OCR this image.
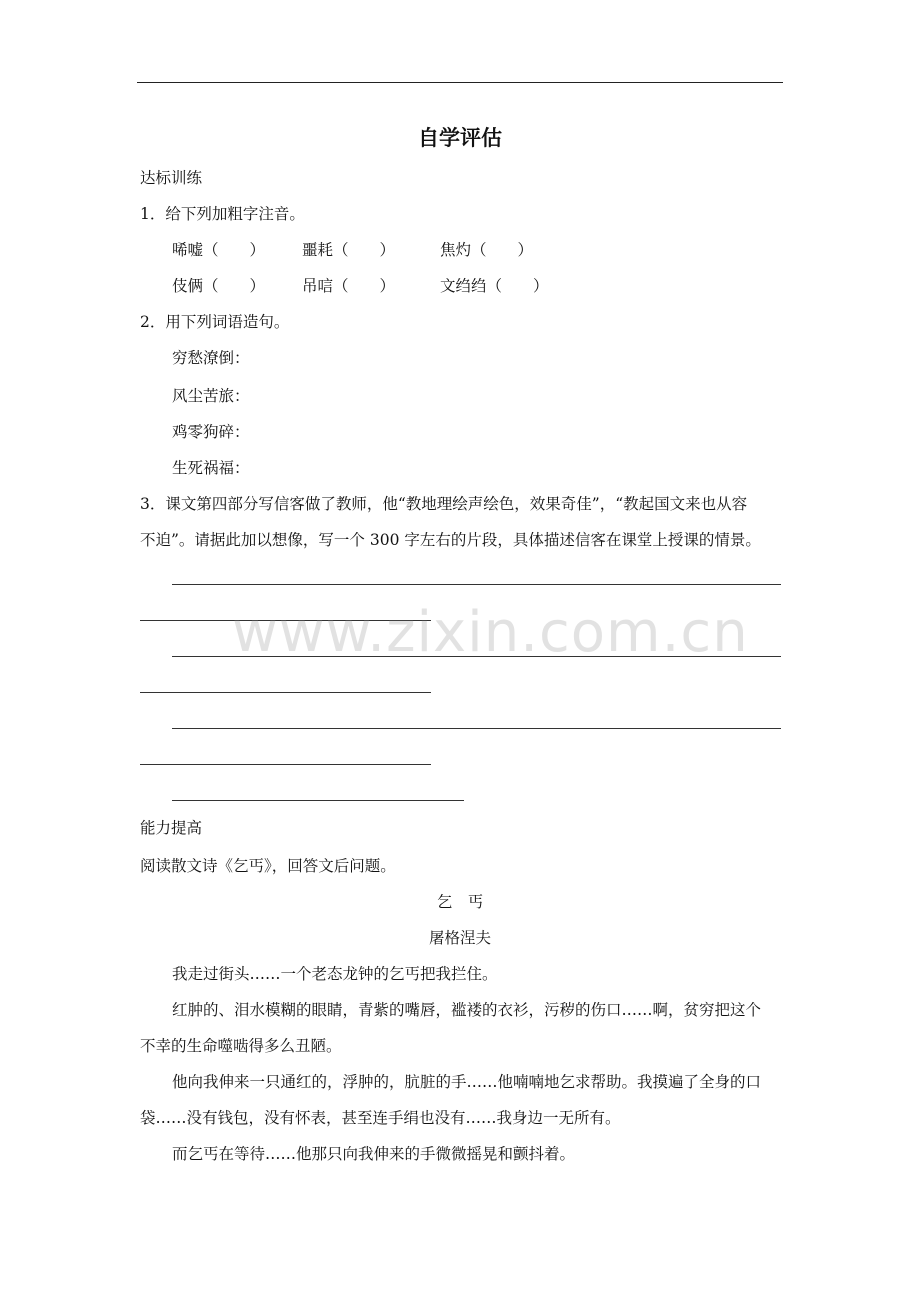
自学评估
达标训练
1．给下列加粗字注音。
唏嘘（　　） 噩耗（　　）	焦灼（　　）
伎俩（　　） 吊唁（　　）	文绉绉（　　）
2．用下列词语造句。
穷愁潦倒：
风尘苦旅：
鸡零狗碎：
生死祸福：
3．课文第四部分写信客做了教师，他“教地理绘声绘色，效果奇佳”，“教起国文来也从容
不迫”。请据此加以想像，写一个 300 字左右的片段，具体描述信客在课堂上授课的情景。
www.zixin.com.cn
能力提高
阅读散文诗《乞丐》，回答文后问题。
乞　丐
屠格涅夫
我走过街头……一个老态龙钟的乞丐把我拦住。
红肿的、泪水模糊的眼睛，青紫的嘴唇，褴褛的衣衫，污秽的伤口……啊，贫穷把这个
不幸的生命噬啮得多么丑陋。
他向我伸来一只通红的，浮肿的，肮脏的手……他喃喃地乞求帮助。我摸遍了全身的口
袋……没有钱包，没有怀表，甚至连手绢也没有……我身边一无所有。
而乞丐在等待……他那只向我伸来的手微微摇晃和颤抖着。
